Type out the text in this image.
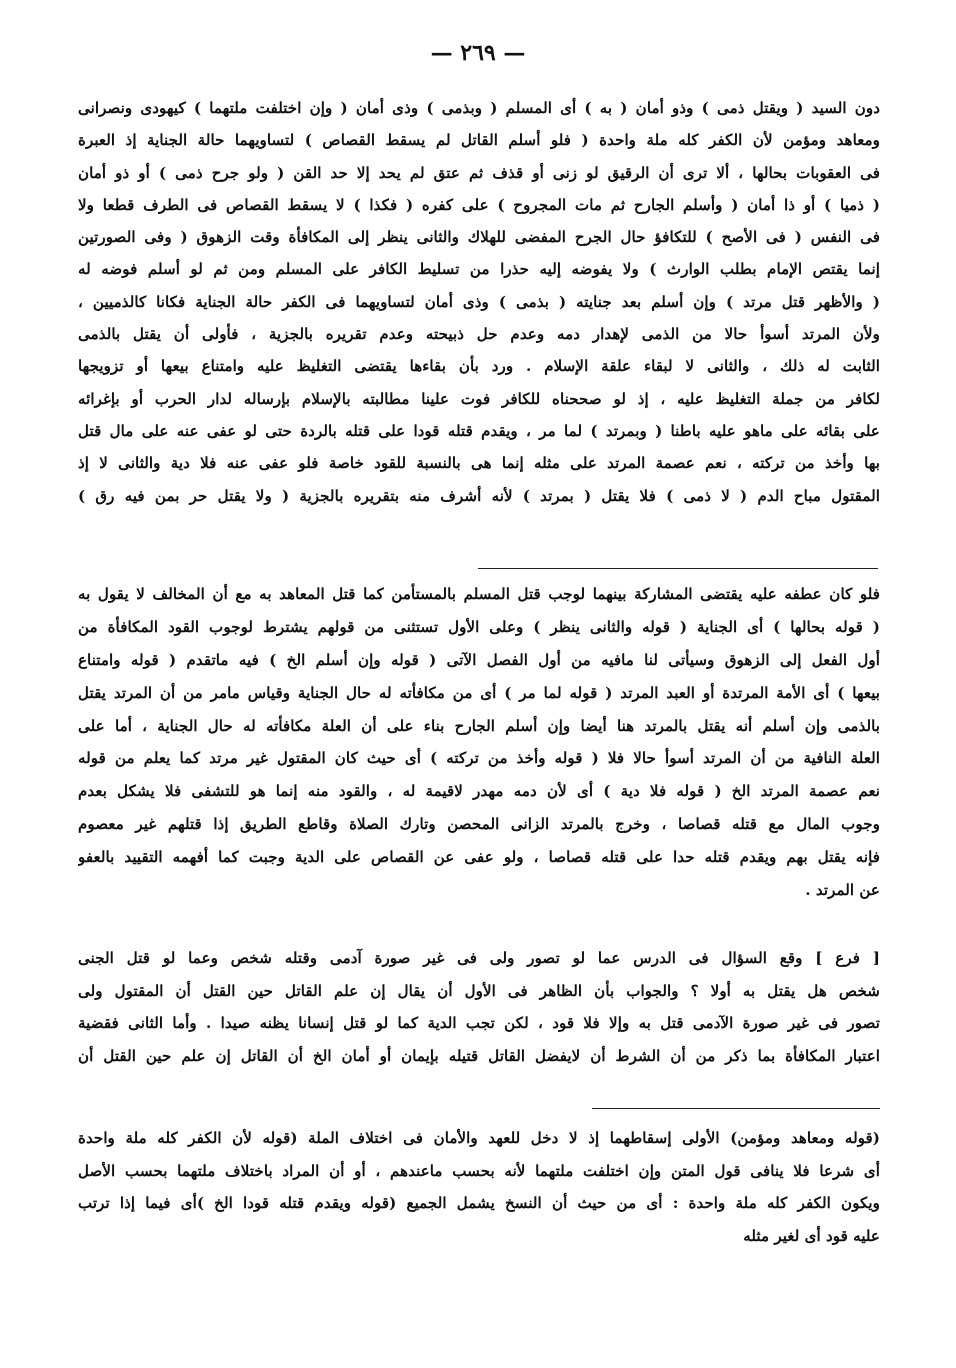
— ٢٦٩ —
دون السيد ( ويقتل ذمى ) وذو أمان ( به ) أى المسلم ( وبذمى ) وذى أمان ( وإن اختلفت ملتهما ) كيهودى ونصرانى
ومعاهد ومؤمن لأن الكفر كله ملة واحدة ( فلو أسلم القاتل لم يسقط القصاص ) لتساويهما حالة الجناية إذ العبرة
فى العقوبات بحالها ، ألا ترى أن الرقيق لو زنى أو قذف ثم عتق لم يحد إلا حد القن ( ولو جرح ذمى ) أو ذو أمان
( ذميا ) أو ذا أمان ( وأسلم الجارح ثم مات المجروح ) على كفره ( فكذا ) لا يسقط القصاص فى الطرف قطعا ولا
فى النفس ( فى الأصح ) للتكافؤ حال الجرح المفضى للهلاك والثانى ينظر إلى المكافأة وقت الزهوق ( وفى الصورتين
إنما يقتص الإمام بطلب الوارث ) ولا يفوضه إليه حذرا من تسليط الكافر على المسلم ومن ثم لو أسلم فوضه له
( والأظهر قتل مرتد ) وإن أسلم بعد جنايته ( بذمى ) وذى أمان لتساويهما فى الكفر حالة الجناية فكانا كالذميين ،
ولأن المرتد أسوأ حالا من الذمى لإهدار دمه وعدم حل ذبيحته وعدم تقريره بالجزية ، فأولى أن يقتل بالذمى
الثابت له ذلك ، والثانى لا لبقاء علقة الإسلام . ورد بأن بقاءها يقتضى التغليظ عليه وامتناع بيعها أو تزويجها
لكافر من جملة التغليظ عليه ، إذ لو صححناه للكافر فوت علينا مطالبته بالإسلام بإرساله لدار الحرب أو بإغرائه
على بقائه على ماهو عليه باطنا ( وبمرتد ) لما مر ، ويقدم قتله قودا على قتله بالردة حتى لو عفى عنه على مال قتل
بها وأخذ من تركته ، نعم عصمة المرتد على مثله إنما هى بالنسبة للقود خاصة فلو عفى عنه فلا دية والثانى لا إذ
المقتول مباح الدم ( لا ذمى ) فلا يقتل ( بمرتد ) لأنه أشرف منه بتقريره بالجزية ( ولا يقتل حر بمن فيه رق )
فلو كان عطفه عليه يقتضى المشاركة بينهما لوجب قتل المسلم بالمستأمن كما قتل المعاهد به مع أن المخالف لا يقول به
( قوله بحالها ) أى الجناية ( قوله والثانى ينظر ) وعلى الأول تستثنى من قولهم يشترط لوجوب القود المكافأة من
أول الفعل إلى الزهوق وسيأتى لنا مافيه من أول الفصل الآتى ( قوله وإن أسلم الخ ) فيه ماتقدم ( قوله وامتناع
بيعها ) أى الأمة المرتدة أو العبد المرتد ( قوله لما مر ) أى من مكافأته له حال الجناية وقياس مامر من أن المرتد يقتل
بالذمى وإن أسلم أنه يقتل بالمرتد هنا أيضا وإن أسلم الجارح بناء على أن العلة مكافأته له حال الجناية ، أما على
العلة النافية من أن المرتد أسوأ حالا فلا ( قوله وأخذ من تركته ) أى حيث كان المقتول غير مرتد كما يعلم من قوله
نعم عصمة المرتد الخ ( قوله فلا دية ) أى لأن دمه مهدر لاقيمة له ، والقود منه إنما هو للتشفى فلا يشكل بعدم
وجوب المال مع قتله قصاصا ، وخرج بالمرتد الزانى المحصن وتارك الصلاة وقاطع الطريق إذا قتلهم غير معصوم
فإنه يقتل بهم ويقدم قتله حدا على قتله قصاصا ، ولو عفى عن القصاص على الدية وجبت كما أفهمه التقييد بالعفو
عن المرتد .
[ فرع ] وقع السؤال فى الدرس عما لو تصور ولى فى غير صورة آدمى وقتله شخص وعما لو قتل الجنى
شخص هل يقتل به أولا ؟ والجواب بأن الظاهر فى الأول أن يقال إن علم القاتل حين القتل أن المقتول ولى
تصور فى غير صورة الآدمى قتل به وإلا فلا قود ، لكن تجب الدية كما لو قتل إنسانا يظنه صيدا . وأما الثانى فقضية
اعتبار المكافأة بما ذكر من أن الشرط أن لايفضل القاتل قتيله بإيمان أو أمان الخ أن القاتل إن علم حين القتل أن
(قوله ومعاهد ومؤمن) الأولى إسقاطهما إذ لا دخل للعهد والأمان فى اختلاف الملة (قوله لأن الكفر كله ملة واحدة
أى شرعا فلا ينافى قول المتن وإن اختلفت ملتهما لأنه بحسب ماعندهم ، أو أن المراد باختلاف ملتهما بحسب الأصل
ويكون الكفر كله ملة واحدة : أى من حيث أن النسخ يشمل الجميع (قوله ويقدم قتله قودا الخ )أى فيما إذا ترتب
عليه قود أى لغير مثله
